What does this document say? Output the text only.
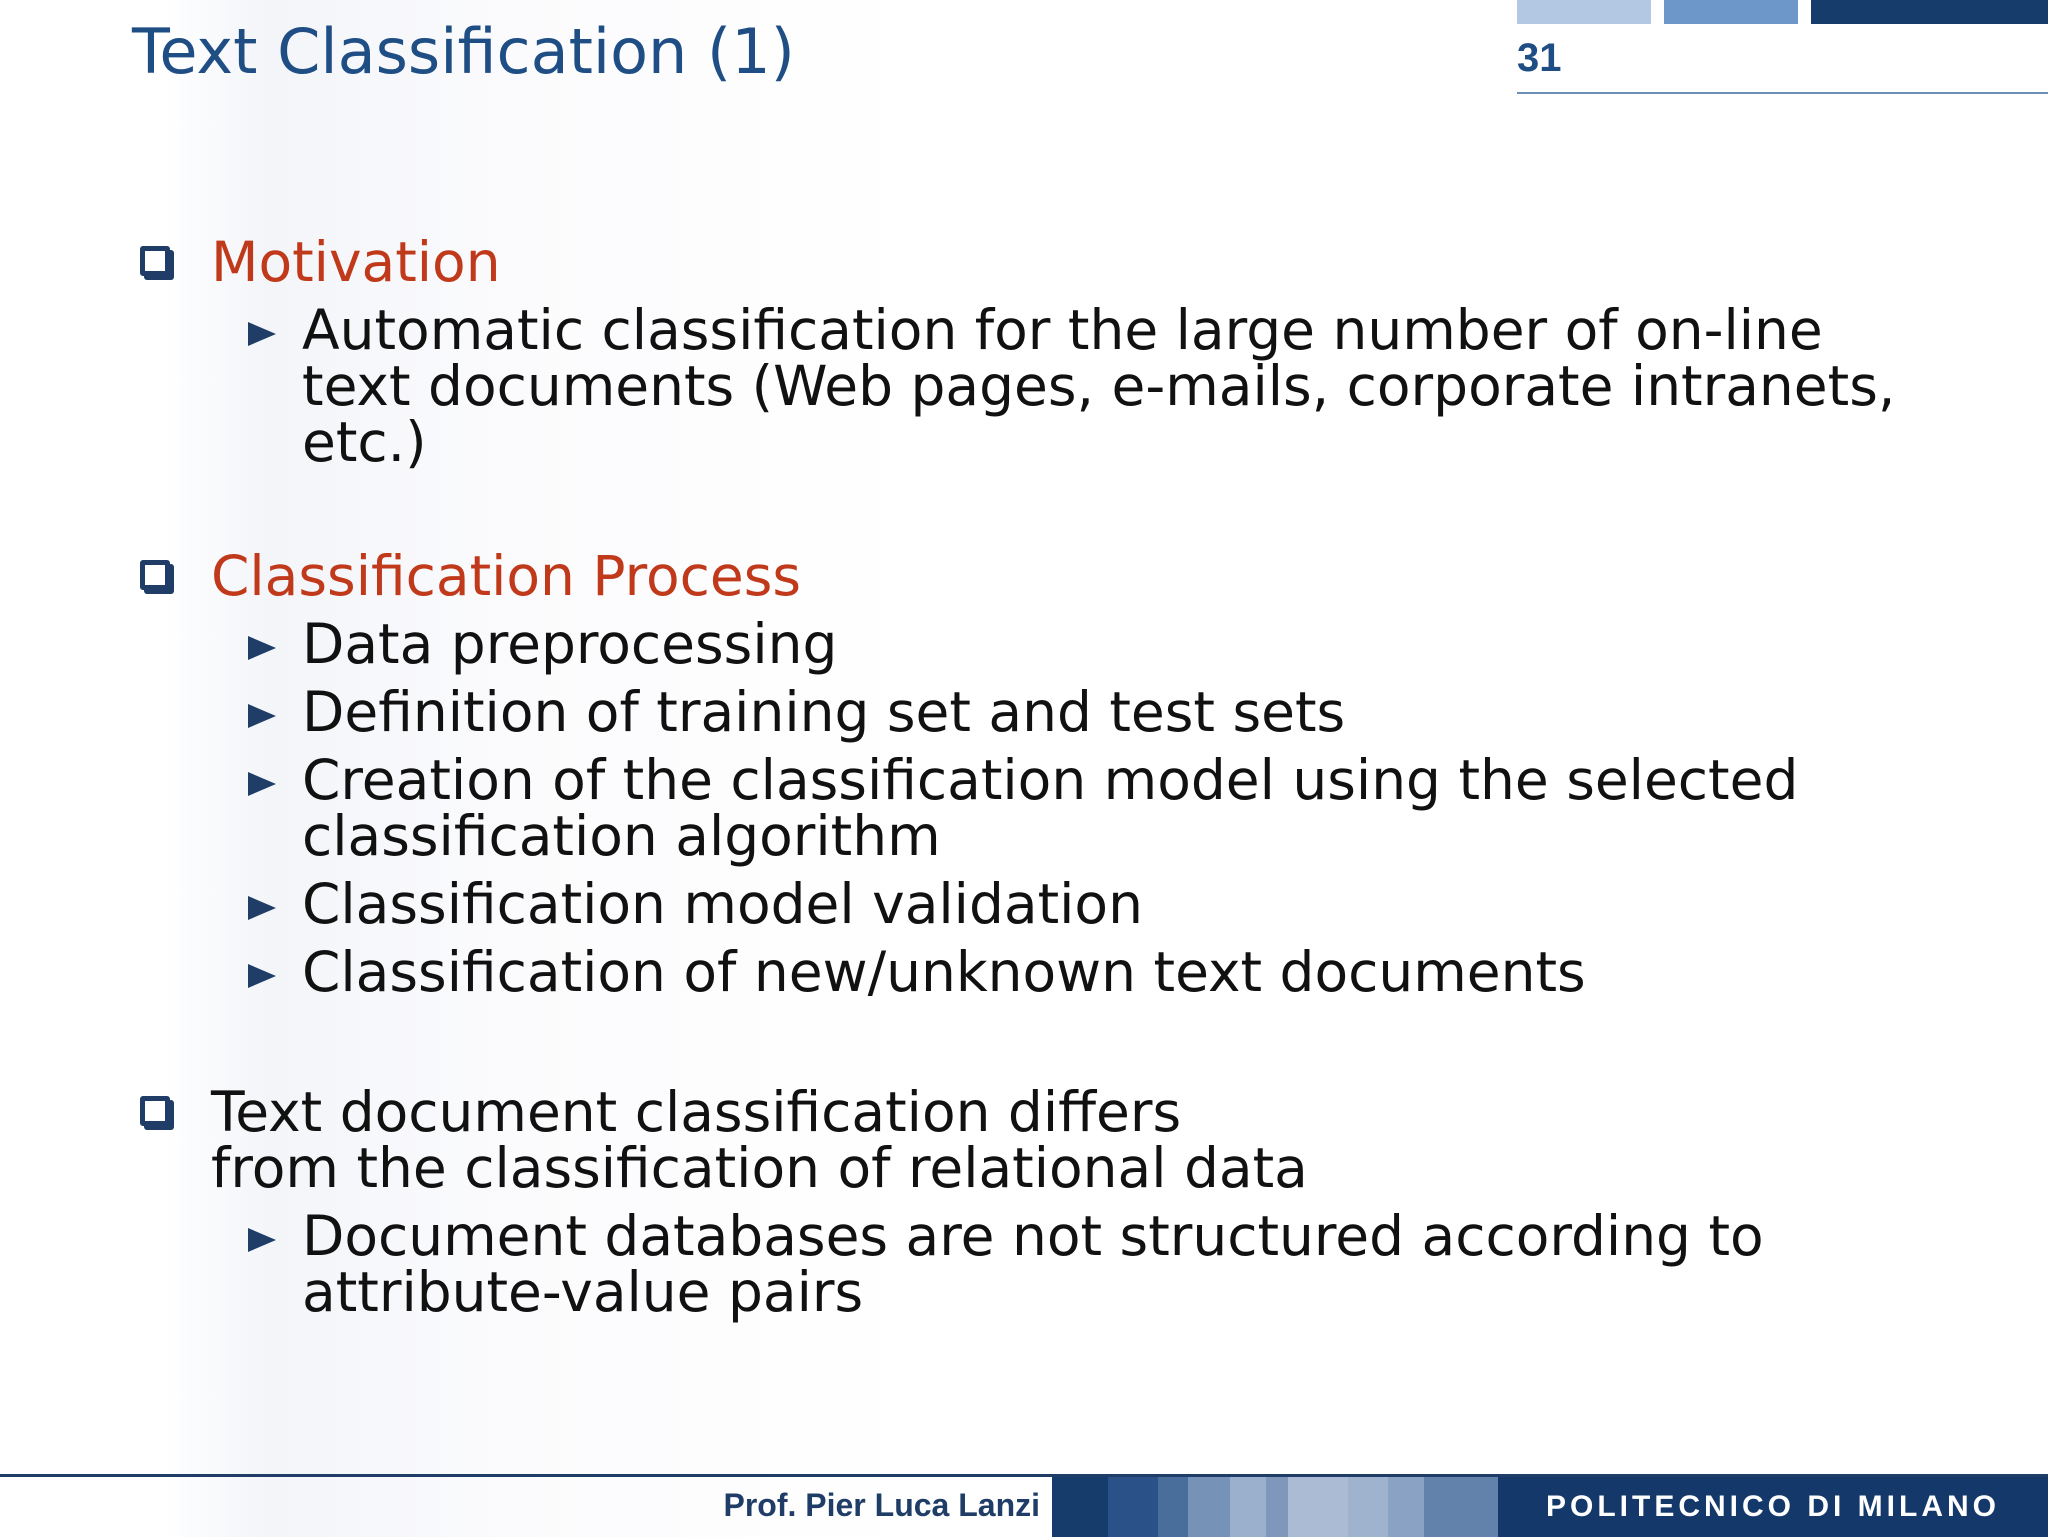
Text Classification (1)	31
Motivation
Automatic classification for the large number of on-line
text documents (Web pages, e-mails, corporate intranets,
etc.)
Classification Process
Data preprocessing
Definition of training set and test sets
Creation of the classification model using the selected
classification algorithm
Classification model validation
Classification of new/unknown text documents
Text document classification differs
from the classification of relational data
Document databases are not structured according to
attribute-value pairs
Prof. Pier Luca Lanzi	POLITECNICO DI MILANO
